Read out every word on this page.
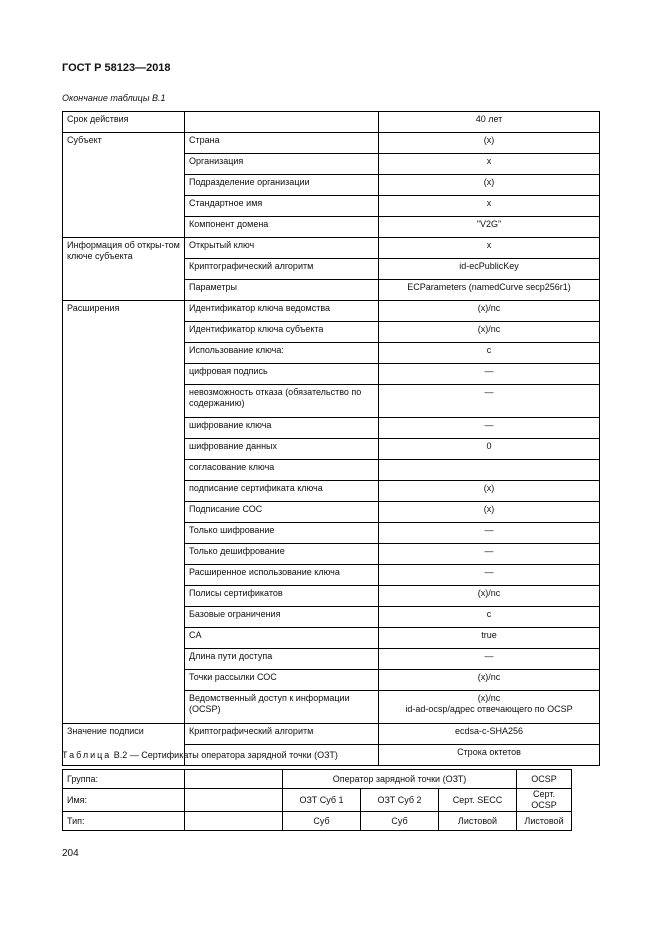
ГОСТ Р 58123—2018
Окончание таблицы В.1
Срок действия		40 лет
Субъект	Страна	(x)
	Организация	x
	Подразделение организации	(x)
	Стандартное имя	x
	Компонент домена	"V2G"
Информация об откры-том ключе субъекта	Открытый ключ	x
	Криптографический алгоритм	id-ecPublicKey
	Параметры	ECParameters (namedCurve secp256r1)
Расширения	Идентификатор ключа ведомства	(x)/nc
	Идентификатор ключа субъекта	(x)/nc
	Использование ключа:	c
	цифровая подпись	—
	невозможность отказа (обязательство по содержанию)	—
	шифрование ключа	—
	шифрование данных	0
	согласование ключа	
	подписание сертификата ключа	(x)
	Подписание СОС	(x)
	Только шифрование	—
	Только дешифрование	—
	Расширенное использование ключа	—
	Полисы сертификатов	(x)/nc
	Базовые ограничения	c
	CA	true
	Длина пути доступа	—
	Точки рассылки СОС	(x)/nc
	Ведомственный доступ к информации (OCSP)	(x)/nc
id-ad-ocsp/адрес отвечающего по OCSP

Значение подписи	Криптографический алгоритм	ecdsa-c-SHA256
		Строка октетов
Таблица В.2 — Сертификаты оператора зарядной точки (ОЗТ)
Группа:		Оператор зарядной точки (ОЗТ)			OCSP
Имя:		ОЗТ Суб 1	ОЗТ Суб 2	Серт. SECC	Серт. OCSP
Тип:		Суб	Суб	Листовой	Листовой
204
